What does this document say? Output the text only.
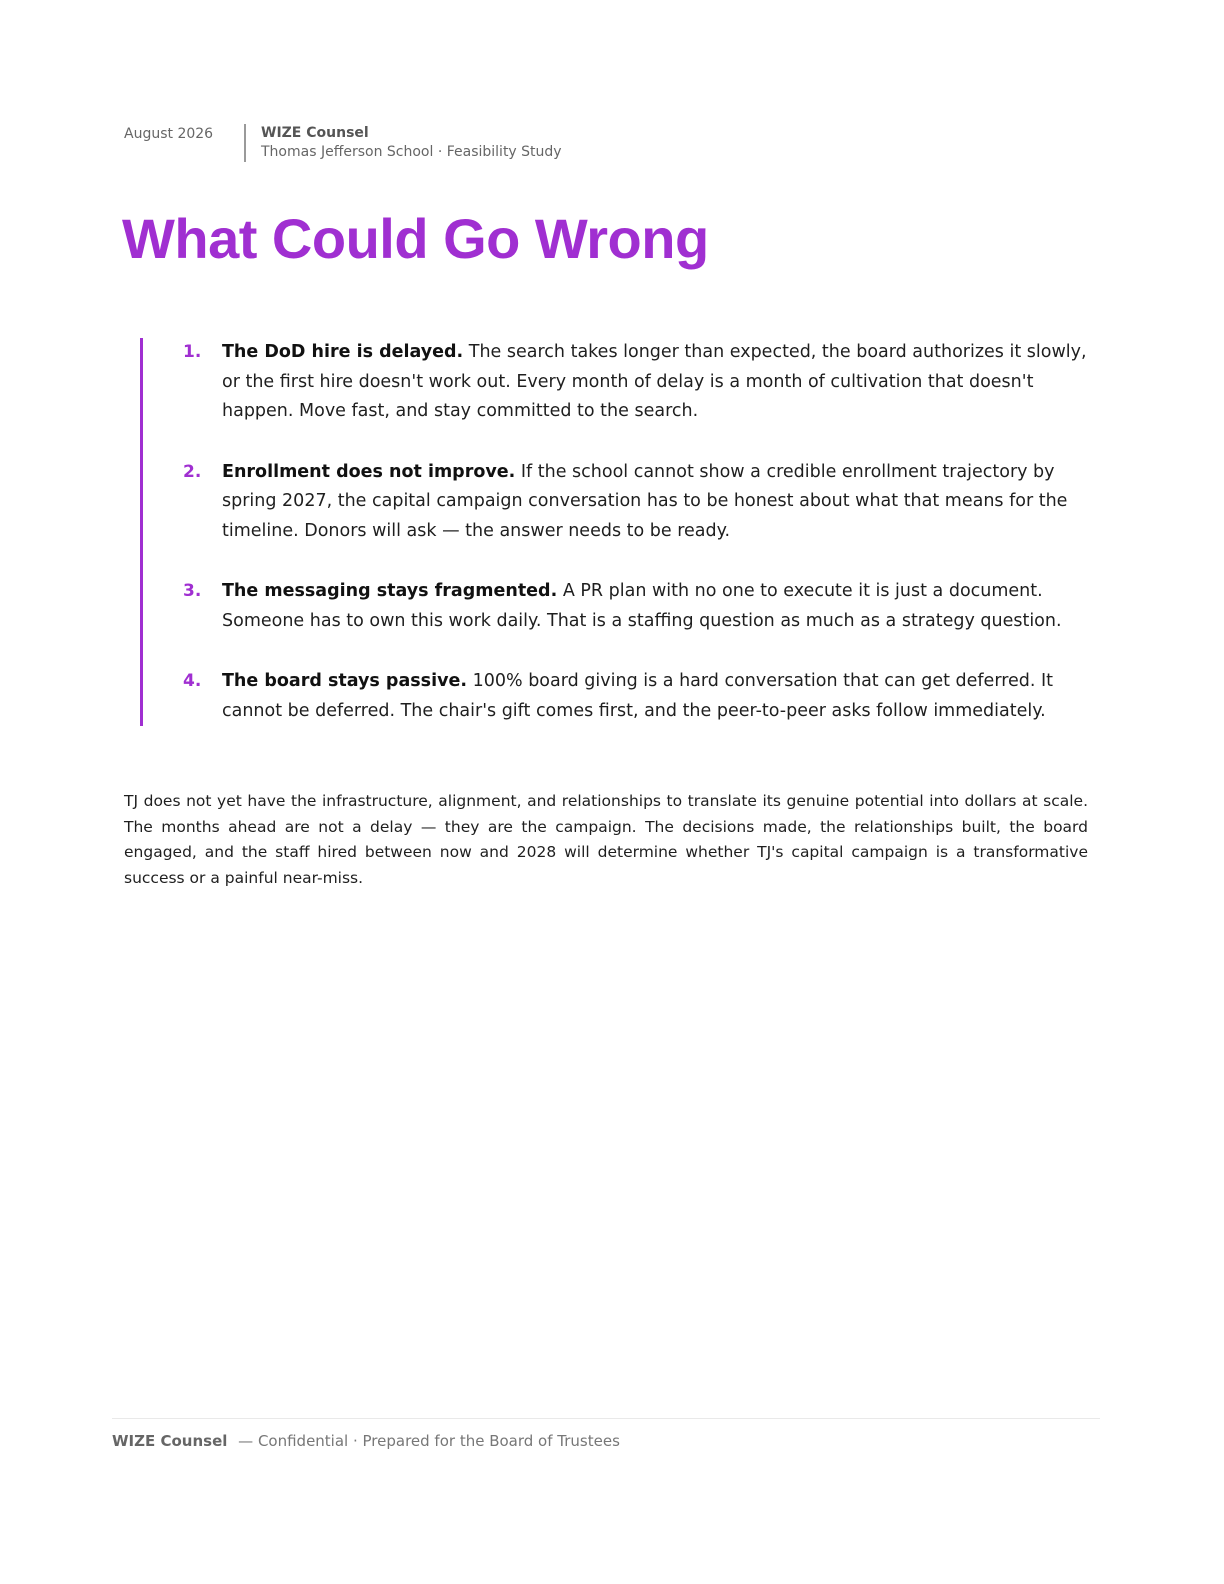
August 2026	WIZE Counsel
Thomas Jefferson School · Feasibility Study
What Could Go Wrong
1.	The DoD hire is delayed. The search takes longer than expected, the board authorizes it slowly, or the first hire doesn't work out. Every month of delay is a month of cultivation that doesn't happen. Move fast, and stay committed to the search.
2.	Enrollment does not improve. If the school cannot show a credible enrollment trajectory by spring 2027, the capital campaign conversation has to be honest about what that means for the timeline. Donors will ask — the answer needs to be ready.
3.	The messaging stays fragmented. A PR plan with no one to execute it is just a document. Someone has to own this work daily. That is a staffing question as much as a strategy question.
4.	The board stays passive. 100% board giving is a hard conversation that can get deferred. It cannot be deferred. The chair's gift comes first, and the peer-to-peer asks follow immediately.

TJ does not yet have the infrastructure, alignment, and relationships to translate its genuine potential into dollars at scale. The months ahead are not a delay — they are the campaign. The decisions made, the relationships built, the board engaged, and the staff hired between now and 2028 will determine whether TJ's capital campaign is a transformative success or a painful near-miss.

WIZE Counsel — Confidential · Prepared for the Board of Trustees
